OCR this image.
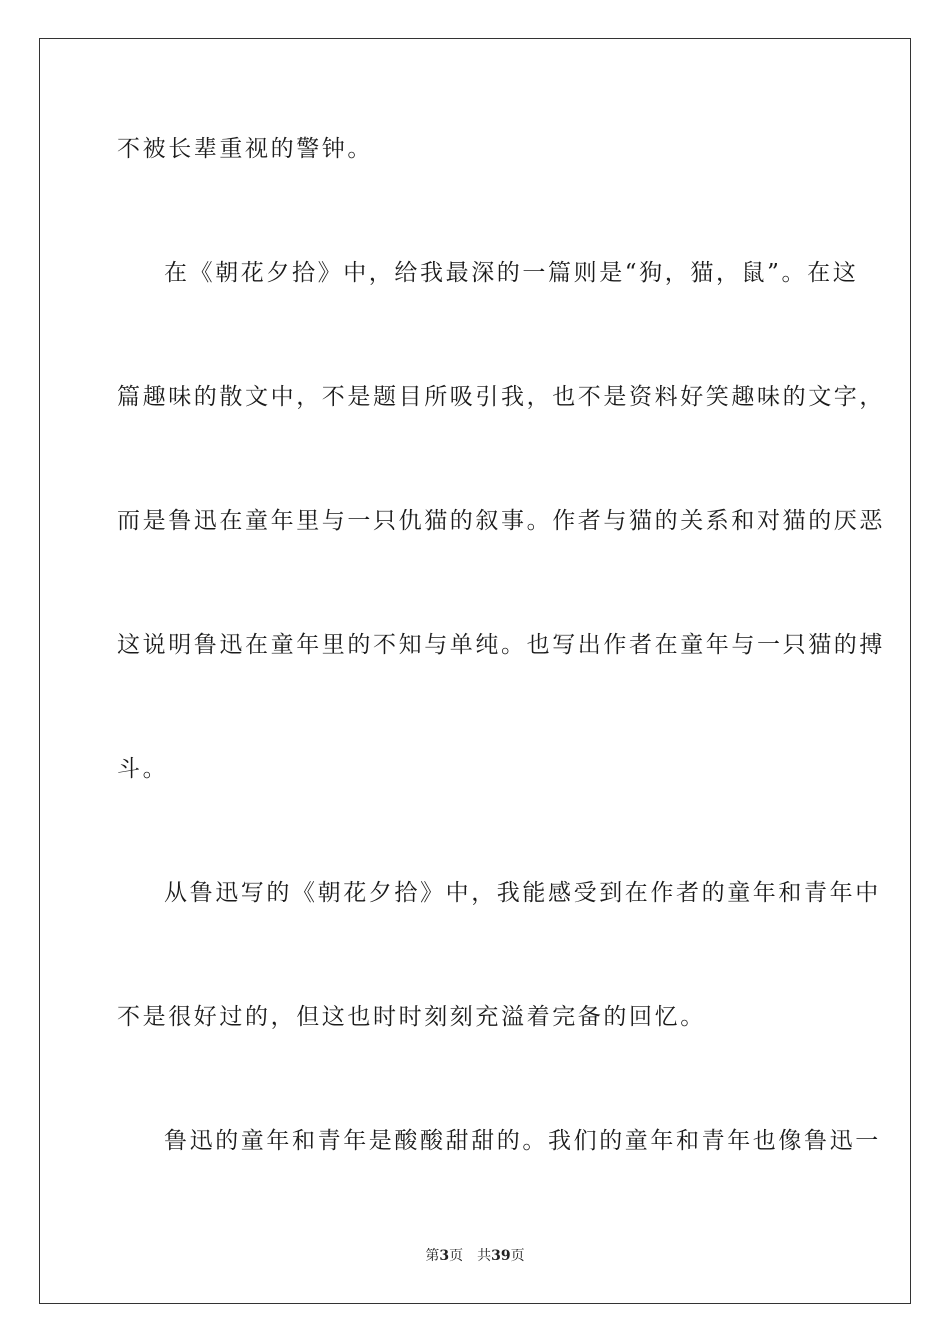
不被长辈重视的警钟。
在《朝花夕拾》中，给我最深的一篇则是“狗，猫，鼠”。在这
篇趣味的散文中，不是题目所吸引我，也不是资料好笑趣味的文字，
而是鲁迅在童年里与一只仇猫的叙事。作者与猫的关系和对猫的厌恶
这说明鲁迅在童年里的不知与单纯。也写出作者在童年与一只猫的搏
斗。
从鲁迅写的《朝花夕拾》中，我能感受到在作者的童年和青年中
不是很好过的，但这也时时刻刻充溢着完备的回忆。
鲁迅的童年和青年是酸酸甜甜的。我们的童年和青年也像鲁迅一
第3页 共39页
